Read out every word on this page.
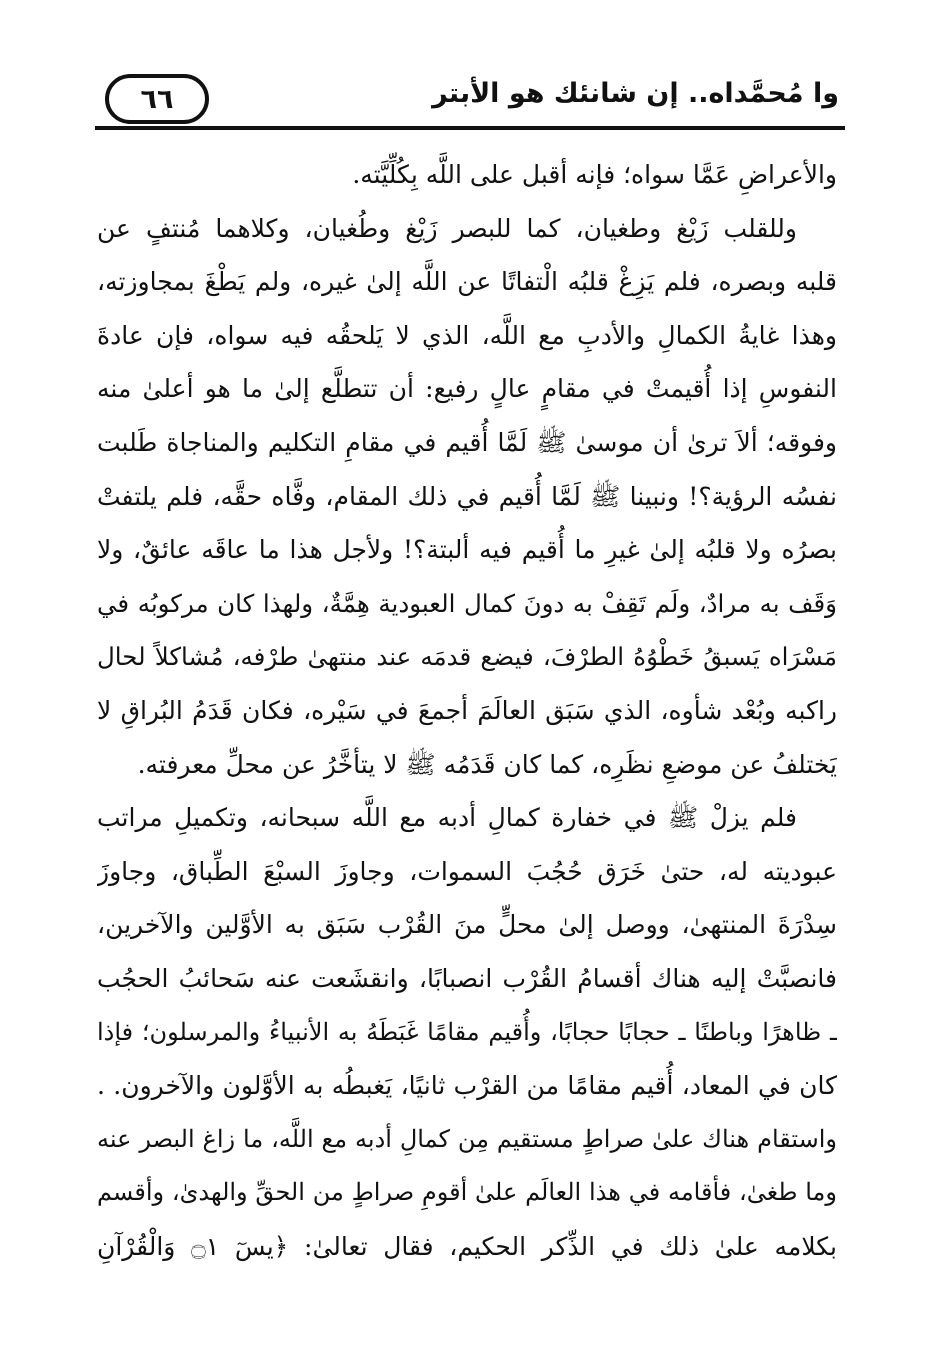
٦٦	وا مُحمَّداه.. إن شانئك هو الأبتر
والأعراضِ عَمَّا سواه؛ فإنه أقبل على اللَّه بِكُلِّيَّته.
وللقلب زَيْغ وطغيان، كما للبصر زَيْغ وطُغيان، وكلاهما مُنتفٍ عن
قلبه وبصره، فلم يَزِغْ قلبُه الْتفاتًا عن اللَّه إلىٰ غيره، ولم يَطْغَ بمجاوزته،
وهذا غايةُ الكمالِ والأدبِ مع اللَّه، الذي لا يَلحقُه فيه سواه، فإن عادةَ
النفوسِ إذا أُقيمتْ في مقامٍ عالٍ رفيع: أن تتطلَّع إلىٰ ما هو أعلىٰ منه
وفوقه؛ ألاَ ترىٰ أن موسىٰ ﷺ لَمَّا أُقيم في مقامِ التكليم والمناجاة طَلبت
نفسُه الرؤية؟! ونبينا ﷺ لَمَّا أُقيم في ذلك المقام، وفَّاه حقَّه، فلم يلتفتْ
بصرُه ولا قلبُه إلىٰ غيرِ ما أُقيم فيه ألبتة؟! ولأجل هذا ما عاقَه عائقٌ، ولا
وَقَف به مرادٌ، ولَم تَقِفْ به دونَ كمال العبودية هِمَّةٌ، ولهذا كان مركوبُه في
مَسْرَاه يَسبقُ خَطْوُهُ الطرْفَ، فيضع قدمَه عند منتهىٰ طرْفه، مُشاكلاً لحال
راكبه وبُعْد شأوه، الذي سَبَق العالَمَ أجمعَ في سَيْره، فكان قَدَمُ البُراقِ لا
يَختلفُ عن موضعِ نظَرِه، كما كان قَدَمُه ﷺ لا يتأخَّرُ عن محلِّ معرفته.
فلم يزلْ ﷺ في خفارة كمالِ أدبه مع اللَّه سبحانه، وتكميلِ مراتب
عبوديته له، حتىٰ خَرَق حُجُبَ السموات، وجاوزَ السبْعَ الطِّباق، وجاوزَ
سِدْرَةَ المنتهىٰ، ووصل إلىٰ محلٍّ منَ القُرْب سَبَق به الأوَّلين والآخرين،
فانصبَّتْ إليه هناك أقسامُ القُرْب انصبابًا، وانقشَعت عنه سَحائبُ الحجُب
ـ ظاهرًا وباطنًا ـ حجابًا حجابًا، وأُقيم مقامًا غَبَطَهُ به الأنبياءُ والمرسلون؛ فإذا
كان في المعاد، أُقيم مقامًا من القرْب ثانيًا، يَغبطُه به الأوَّلون والآخرون. .
واستقام هناك علىٰ صراطٍ مستقيم مِن كمالِ أدبه مع اللَّه، ما زاغ البصر عنه
وما طغىٰ، فأقامه في هذا العالَم علىٰ أقومِ صراطٍ من الحقِّ والهدىٰ، وأقسم
بكلامه علىٰ ذلك في الذِّكر الحكيم، فقال تعالىٰ: ﴿يسٓ ۝١ وَالْقُرْآنِ
